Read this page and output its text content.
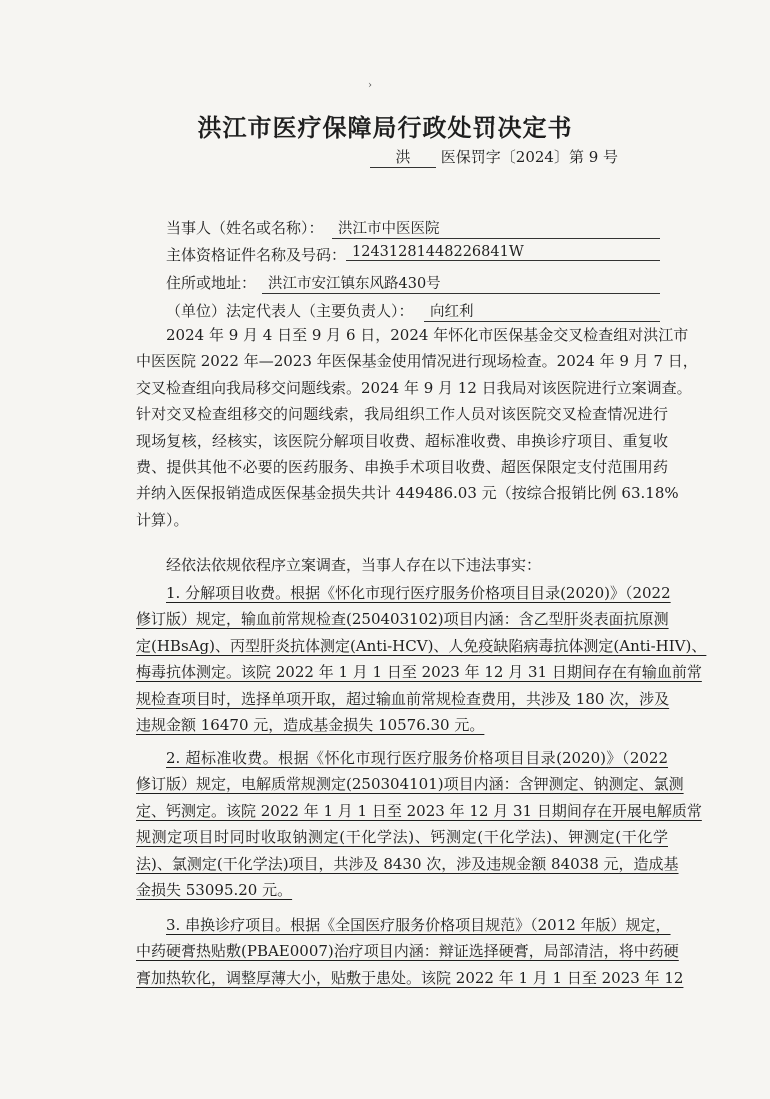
›
洪江市医疗保障局行政处罚决定书
洪 医保罚字〔2024〕第 9 号
当事人（姓名或名称）： 洪江市中医医院
主体资格证件名称及号码： 12431281448226841W
住所或地址： 洪江市安江镇东风路430号
（单位）法定代表人（主要负责人）：	向红利
2024 年 9 月 4 日至 9 月 6 日，2024 年怀化市医保基金交叉检查组对洪江市
中医医院 2022 年—2023 年医保基金使用情况进行现场检查。2024 年 9 月 7 日，
交叉检查组向我局移交问题线索。2024 年 9 月 12 日我局对该医院进行立案调查。
针对交叉检查组移交的问题线索，我局组织工作人员对该医院交叉检查情况进行
现场复核，经核实，该医院分解项目收费、超标准收费、串换诊疗项目、重复收
费、提供其他不必要的医药服务、串换手术项目收费、超医保限定支付范围用药
并纳入医保报销造成医保基金损失共计 449486.03 元（按综合报销比例 63.18%
计算）。
经依法依规依程序立案调查，当事人存在以下违法事实：
1. 分解项目收费。根据《怀化市现行医疗服务价格项目目录(2020)》（2022
修订版）规定，输血前常规检查(250403102)项目内涵：含乙型肝炎表面抗原测
定(HBsAg)、丙型肝炎抗体测定(Anti-HCV)、人免疫缺陷病毒抗体测定(Anti-HIV)、
梅毒抗体测定。该院 2022 年 1 月 1 日至 2023 年 12 月 31 日期间存在有输血前常
规检查项目时，选择单项开取，超过输血前常规检查费用，共涉及 180 次，涉及
违规金额 16470 元，造成基金损失 10576.30 元。
2. 超标准收费。根据《怀化市现行医疗服务价格项目目录(2020)》（2022
修订版）规定，电解质常规测定(250304101)项目内涵：含钾测定、钠测定、氯测
定、钙测定。该院 2022 年 1 月 1 日至 2023 年 12 月 31 日期间存在开展电解质常
规测定项目时同时收取钠测定(干化学法)、钙测定(干化学法)、钾测定(干化学
法)、氯测定(干化学法)项目，共涉及 8430 次，涉及违规金额 84038 元，造成基
金损失 53095.20 元。
3. 串换诊疗项目。根据《全国医疗服务价格项目规范》（2012 年版）规定，
中药硬膏热贴敷(PBAE0007)治疗项目内涵：辩证选择硬膏，局部清洁，将中药硬
膏加热软化，调整厚薄大小，贴敷于患处。该院 2022 年 1 月 1 日至 2023 年 12
